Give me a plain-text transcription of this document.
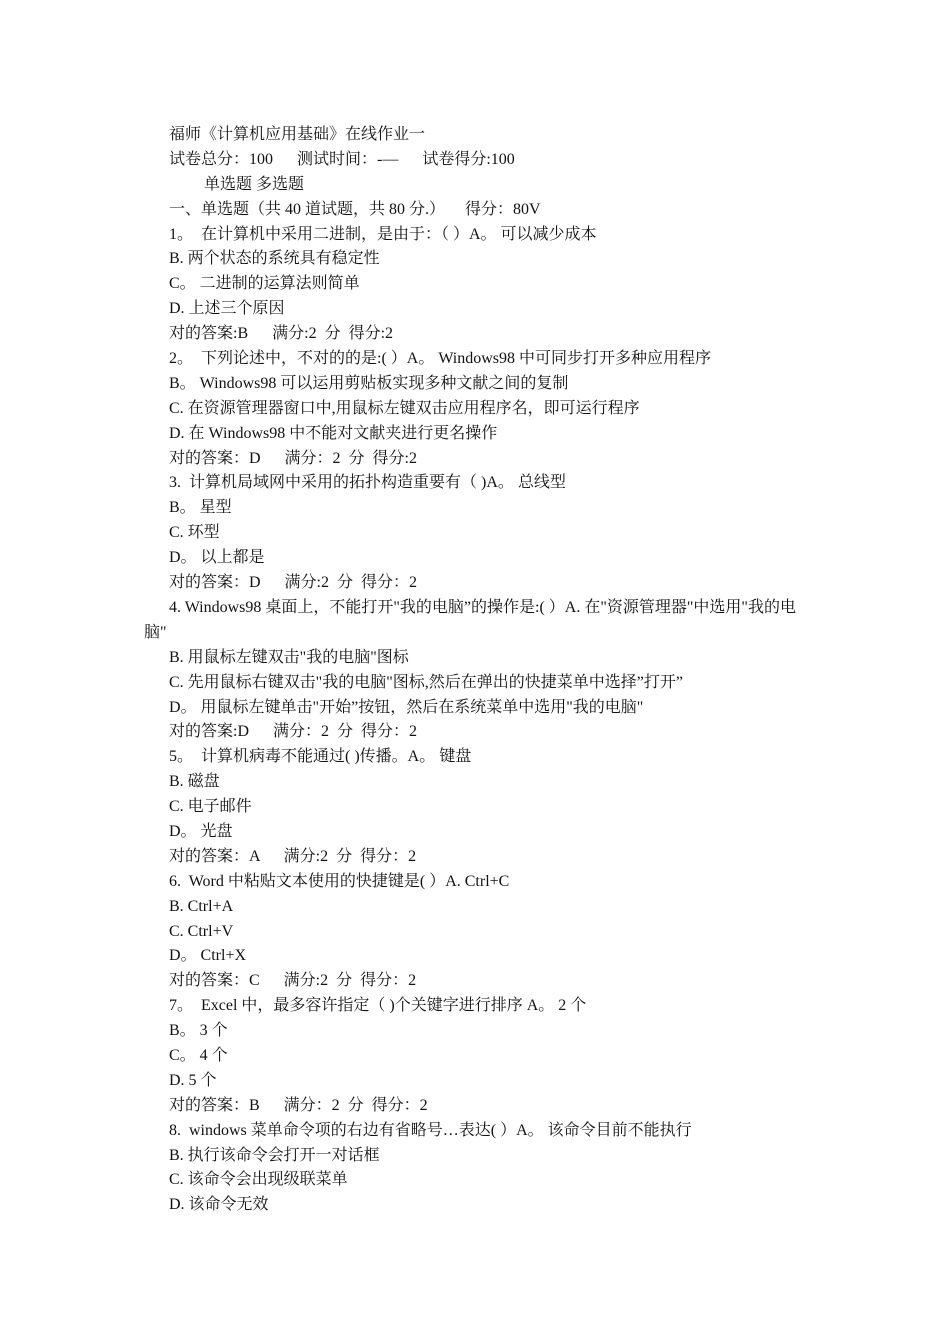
福师《计算机应用基础》在线作业一
试卷总分：100      测试时间：-—      试卷得分:100
单选题 多选题
一、单选题（共 40 道试题，共 80 分.）     得分：80V
1。  在计算机中采用二进制，是由于：（ ）A。 可以减少成本
B. 两个状态的系统具有稳定性
C。 二进制的运算法则简单
D. 上述三个原因
对的答案:B      满分:2  分  得分:2
2。  下列论述中，不对的的是:( ）A。 Windows98 中可同步打开多种应用程序
B。 Windows98 可以运用剪贴板实现多种文献之间的复制
C. 在资源管理器窗口中,用鼠标左键双击应用程序名，即可运行程序
D. 在 Windows98 中不能对文献夹进行更名操作
对的答案：D      满分：2  分  得分:2
3.  计算机局域网中采用的拓扑构造重要有（ )A。 总线型
B。 星型
C. 环型
D。 以上都是
对的答案：D      满分:2  分  得分：2
4. Windows98 桌面上，不能打开"我的电脑”的操作是:( ）A. 在"资源管理器"中选用"我的电脑"
B. 用鼠标左键双击"我的电脑"图标
C. 先用鼠标右键双击"我的电脑"图标,然后在弹出的快捷菜单中选择”打开”
D。 用鼠标左键单击"开始”按钮，然后在系统菜单中选用"我的电脑"
对的答案:D      满分：2  分  得分：2
5。  计算机病毒不能通过( )传播。A。 键盘
B. 磁盘
C. 电子邮件
D。 光盘
对的答案：A      满分:2  分  得分：2
6.  Word 中粘贴文本使用的快捷键是( ）A. Ctrl+C
B. Ctrl+A
C. Ctrl+V
D。 Ctrl+X
对的答案：C      满分:2  分  得分：2
7。  Excel 中，最多容许指定（ )个关键字进行排序 A。 2 个
B。 3 个
C。 4 个
D. 5 个
对的答案：B      满分：2  分  得分：2
8.  windows 菜单命令项的右边有省略号…表达( ）A。 该命令目前不能执行
B. 执行该命令会打开一对话框
C. 该命令会出现级联菜单
D. 该命令无效
